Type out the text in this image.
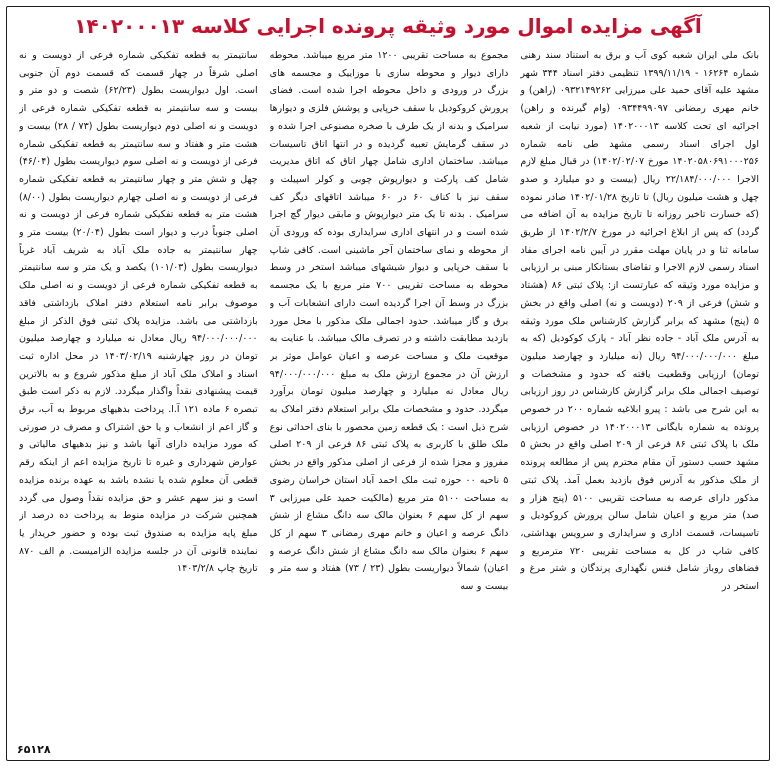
آگهی مزایده اموال مورد وثیقه پرونده اجرایی کلاسه ۱۴۰۲۰۰۰۱۳

بانک ملی ایران شعبه کوی آب و برق به استناد سند رهنی شماره ۱۶۲۶۴ - ۱۳۹۹/۱۱/۱۹ تنظیمی دفتر اسناد ۳۴۴ شهر مشهد علیه آقای حمید علی میرزایی ۰۹۳۲۱۴۹۲۶۲ (راهن) و خانم مهری رمضانی ۰۹۳۴۴۹۹۰۹۷ (وام گیرنده و راهن) اجرائیه ای تحت کلاسه ۱۴۰۲۰۰۰۱۳ (مورد نیابت از شعبه اول اجرای اسناد رسمی مشهد طی نامه شماره ۱۴۰۲۰۵۸۰۶۹۱۰۰۰۲۵۶ مورخ ۱۴۰۲/۰۲/۰۷) در قبال مبلغ لازم الاجرا ۲۲/۱۸۴/۰۰۰/۰۰۰ ریال (بیست و دو میلیارد و صدو چهل و هشت میلیون ریال) تا تاریخ ۱۴۰۲/۰۱/۲۸ صادر نموده (که خسارت تاخیر روزانه تا تاریخ مزایده به آن اضافه می گردد) که پس از ابلاغ اجرائیه در مورخ ۱۴۰۲/۲/۷ از طریق سامانه ثنا و در پایان مهلت مقرر در آیین نامه اجرای مفاد اسناد رسمی لازم الاجرا و تقاضای بستانکار مبنی بر ارزیابی و مزایده مورد وثیقه که عبارتست از: پلاک ثبتی ۸۶ (هشتاد و شش) فرعی از ۲۰۹ (دویست و نه) اصلی واقع در بخش ۵ (پنج) مشهد که برابر گزارش کارشناس ملک مورد وثیقه به آدرس ملک آباد - جاده نظر آباد - پارک کوکودیل (که به مبلغ ۹۴/۰۰۰/۰۰۰/۰۰۰ ریال (نه میلیارد و چهارصد میلیون تومان) ارزیابی وقطعیت یافته که حدود و مشخصات و توصیف اجمالی ملک برابر گزارش کارشناس در روز ارزیابی به این شرح می باشد : پیرو ابلاغیه شماره ۲۰۰ در خصوص پرونده به شماره بایگانی ۱۴۰۲۰۰۰۱۳ در خصوص ارزیابی ملک با پلاک ثبتی ۸۶ فرعی از ۲۰۹ اصلی واقع در بخش ۵ مشهد حسب دستور آن مقام محترم پس از مطالعه پرونده از ملک مذکور به آدرس فوق بازدید بعمل آمد. پلاک ثبتی مذکور دارای عرصه به مساحت تقریبی ۵۱۰۰ (پنج هزار و صد) متر مربع و اعیان شامل سالن پرورش کروکودیل و تاسیسات، قسمت اداری و سرایداری و سرویس بهداشتی، کافی شاپ در کل به مساحت تقریبی ۷۲۰ مترمربع و فضاهای روباز شامل فنس نگهداری پرندگان و شتر مرغ و استخر در

مجموع به مساحت تقریبی ۱۲۰۰ متر مربع میباشد. محوطه دارای دیوار و محوطه سازی با موزاییک و مجسمه های بزرگ در ورودی و داخل محوطه اجرا شده است. فضای پرورش کروکودیل با سقف خرپایی و پوشش فلزی و دیوارها سرامیک و بدنه از یک طرف با صخره مصنوعی اجرا شده و در سقف گرمایش تعبیه گردیده و در انتها اتاق تاسیسات میباشد. ساختمان اداری شامل چهار اتاق که اتاق مدیریت شامل کف پارکت و دیوارپوش چوبی و کولر اسپیلت و سقف نیز با کناف ۶۰ در ۶۰ میباشد اتاقهای دیگر کف سرامیک . بدنه تا یک متر دیوارپوش و مابقی دیوار گچ اجرا شده است و در انتهای اداری سرایداری بوده که ورودی آن از محوطه و نمای ساختمان آجر ماشینی است. کافی شاپ با سقف خرپایی و دیوار شیشهای میباشد استخر در وسط محوطه به مساحت تقریبی ۷۰۰ متر مربع با یک مجسمه بزرگ در وسط آن اجرا گردیده است دارای انشعابات آب و برق و گاز میباشد. حدود اجمالی ملک مذکور با محل مورد بازدید مطابقت داشته و در تصرف مالک میباشد. با عنایت به موقعیت ملک و مساحت عرصه و اعیان عوامل موثر بر ارزش آن در مجموع ارزش ملک به مبلغ ۹۴/۰۰۰/۰۰۰/۰۰۰ ریال معادل نه میلیارد و چهارصد میلیون تومان برآورد میگردد. حدود و مشخصات ملک برابر استعلام دفتر املاک به شرح ذیل است : یک قطعه زمین محصور با بنای احداثی نوع ملک طلق با کاربری به پلاک ثبتی ۸۶ فرعی از ۲۰۹ اصلی مفروز و مجزا شده از فرعی از اصلی مذکور واقع در بخش ۵ ناحیه ۰۰ حوزه ثبت ملک احمد آباد استان خراسان رضوی به مساحت ۵۱۰۰ متر مربع (مالکیت حمید علی میرزایی ۳ سهم از کل سهم ۶ بعنوان مالک سه دانگ مشاع از شش دانگ عرصه و اعیان و خانم مهری رمضانی ۳ سهم از کل سهم ۶ بعنوان مالک سه دانگ مشاع از شش دانگ عرصه و اعیان) شمالاً دیواریست بطول (۲۳ / ۷۳) هفتاد و سه متر و بیست و سه

سانتیمتر به قطعه تفکیکی شماره فرعی از دویست و نه اصلی شرقاً در چهار قسمت که قسمت دوم آن جنوبی است. اول دیواریست بطول (۶۲/۲۳) شصت و دو متر و بیست و سه سانتیمتر به قطعه تفکیکی شماره فرعی از دویست و نه اصلی دوم دیواریست بطول (۷۳ / ۲۸) بیست و هشت متر و هفتاد و سه سانتیمتر به قطعه تفکیکی شماره فرعی از دویست و نه اصلی سوم دیواریست بطول (۴۶/۰۴) چهل و شش متر و چهار سانتیمتر به قطعه تفکیکی شماره فرعی از دویست و نه اصلی چهارم دیواریست بطول (۸/۰۰) هشت متر به قطعه تفکیکی شماره فرعی از دویست و نه اصلی جنوباً درب و دیوار است بطول (۲۰/۰۴) بیست متر و چهار سانتیمتر به جاده ملک آباد به شریف آباد غرباً دیواریست بطول (۱۰۱/۰۳) یکصد و یک متر و سه سانتیمتر به قطعه تفکیکی شماره فرعی از دویست و نه اصلی ملک موصوف برابر نامه استعلام دفتر املاک بازداشتی فاقد بازداشتی می باشد. مزایده پلاک ثبتی فوق الذکر از مبلغ ۹۴/۰۰۰/۰۰۰/۰۰۰ ریال معادل نه میلیارد و چهارصد میلیون تومان در روز چهارشنبه ۱۴۰۳/۰۲/۱۹ در محل اداره ثبت اسناد و املاک ملک آباد از مبلغ مذکور شروع و به بالاترین قیمت پیشنهادی نقداً واگذار میگردد. لازم به ذکر است طبق تبصره ۶ ماده ۱۲۱ آ.ا. پرداخت بدهیهای مربوط به آب، برق و گاز اعم از انشعاب و یا حق اشتراک و مصرف در صورتی که مورد مزایده دارای آنها باشد و نیز بدهیهای مالیاتی و عوارض شهرداری و غیره تا تاریخ مزایده اعم از اینکه رقم قطعی آن معلوم شده یا نشده باشد به عهده برنده مزایده است و نیز سهم عشر و حق مزایده نقداً وصول می گردد همچنین شرکت در مزایده منوط به پرداخت ده درصد از مبلغ پایه مزایده به صندوق ثبت بوده و حضور خریدار یا نماینده قانونی آن در جلسه مزایده الزامیست. م الف ۸۷۰ تاریخ چاپ ۱۴۰۳/۲/۸

۶۵۱۲۸
